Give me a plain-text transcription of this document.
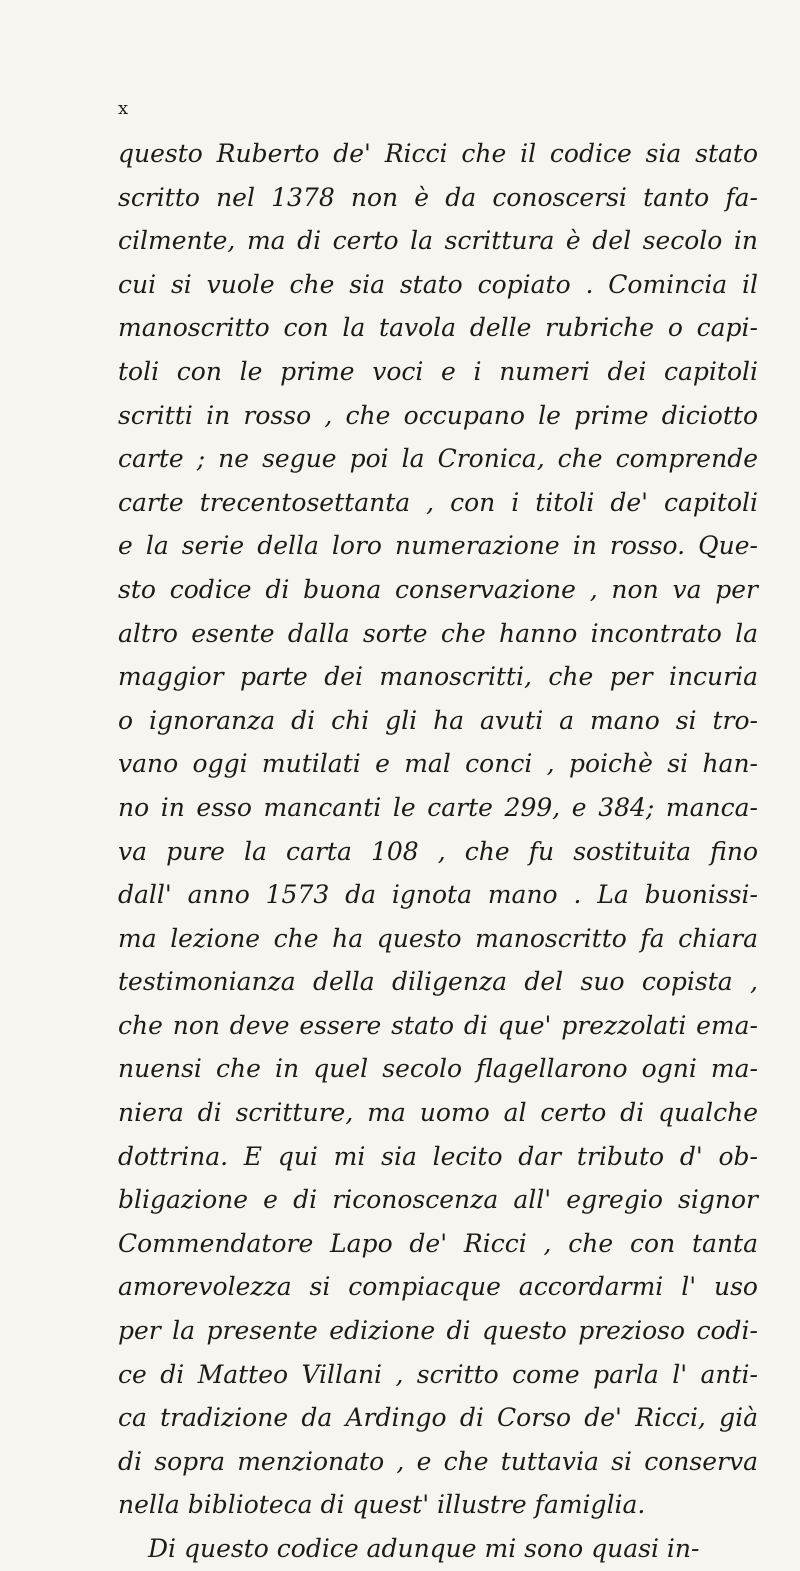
x
questo Ruberto de' Ricci che il codice sia stato
scritto nel 1378 non è da conoscersi tanto fa-
cilmente, ma di certo la scrittura è del secolo in
cui si vuole che sia stato copiato . Comincia il
manoscritto con la tavola delle rubriche o capi-
toli con le prime voci e i numeri dei capitoli
scritti in rosso , che occupano le prime diciotto
carte ; ne segue poi la Cronica, che comprende
carte trecentosettanta , con i titoli de' capitoli
e la serie della loro numerazione in rosso. Que-
sto codice di buona conservazione , non va per
altro esente dalla sorte che hanno incontrato la
maggior parte dei manoscritti, che per incuria
o ignoranza di chi gli ha avuti a mano si tro-
vano oggi mutilati e mal conci , poichè si han-
no in esso mancanti le carte 299, e 384; manca-
va pure la carta 108 , che fu sostituita fino
dall' anno 1573 da ignota mano . La buonissi-
ma lezione che ha questo manoscritto fa chiara
testimonianza della diligenza del suo copista ,
che non deve essere stato di que' prezzolati ema-
nuensi che in quel secolo flagellarono ogni ma-
niera di scritture, ma uomo al certo di qualche
dottrina. E qui mi sia lecito dar tributo d' ob-
bligazione e di riconoscenza all' egregio signor
Commendatore Lapo de' Ricci , che con tanta
amorevolezza si compiacque accordarmi l' uso
per la presente edizione di questo prezioso codi-
ce di Matteo Villani , scritto come parla l' anti-
ca tradizione da Ardingo di Corso de' Ricci, già
di sopra menzionato , e che tuttavia si conserva
nella biblioteca di quest' illustre famiglia.
Di questo codice adunque mi sono quasi in-
